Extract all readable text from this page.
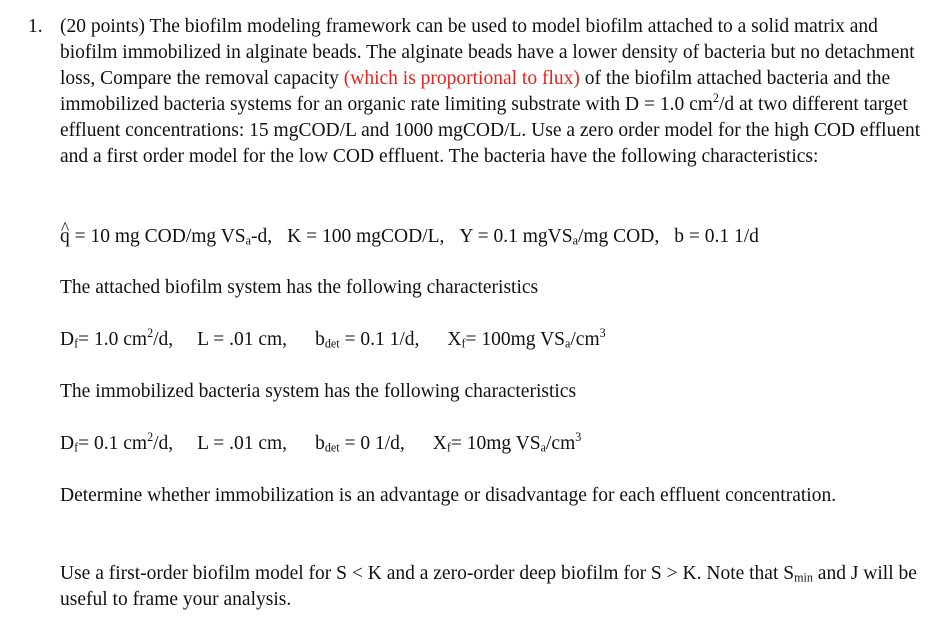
1. (20 points) The biofilm modeling framework can be used to model biofilm attached to a solid matrix and biofilm immobilized in alginate beads. The alginate beads have a lower density of bacteria but no detachment loss, Compare the removal capacity (which is proportional to flux) of the biofilm attached bacteria and the immobilized bacteria systems for an organic rate limiting substrate with D = 1.0 $cm^2/d$ at two different target effluent concentrations: 15 mgCOD/L and 1000 mgCOD/L. Use a zero order model for the high COD effluent and a first order model for the low COD effluent. The bacteria have the following characteristics:

^ q = 10 mg COD/mg $VS_a-d$, K = 100 mgCOD/L, Y = 0.1 mgVS$_a$/mg COD, b = 0.1 1/d

The attached biofilm system has the following characteristics

$D_f= 1.0$ $cm^2/d$, L = .01 cm, $b_{det} = 0.1$ 1/d, $X_f= 100mg$ $VS_a/cm^3$

The immobilized bacteria system has the following characteristics

$D_f= 0.1$ $cm^2/d$, L = .01 cm, $b_{det} = 0$ 1/d, $X_f= 10mg$ $VS_a/cm^3$

Determine whether immobilization is an advantage or disadvantage for each effluent concentration.

Use a first-order biofilm model for S < K and a zero-order deep biofilm for S > K. Note that $S_{min}$ and J will be useful to frame your analysis.
